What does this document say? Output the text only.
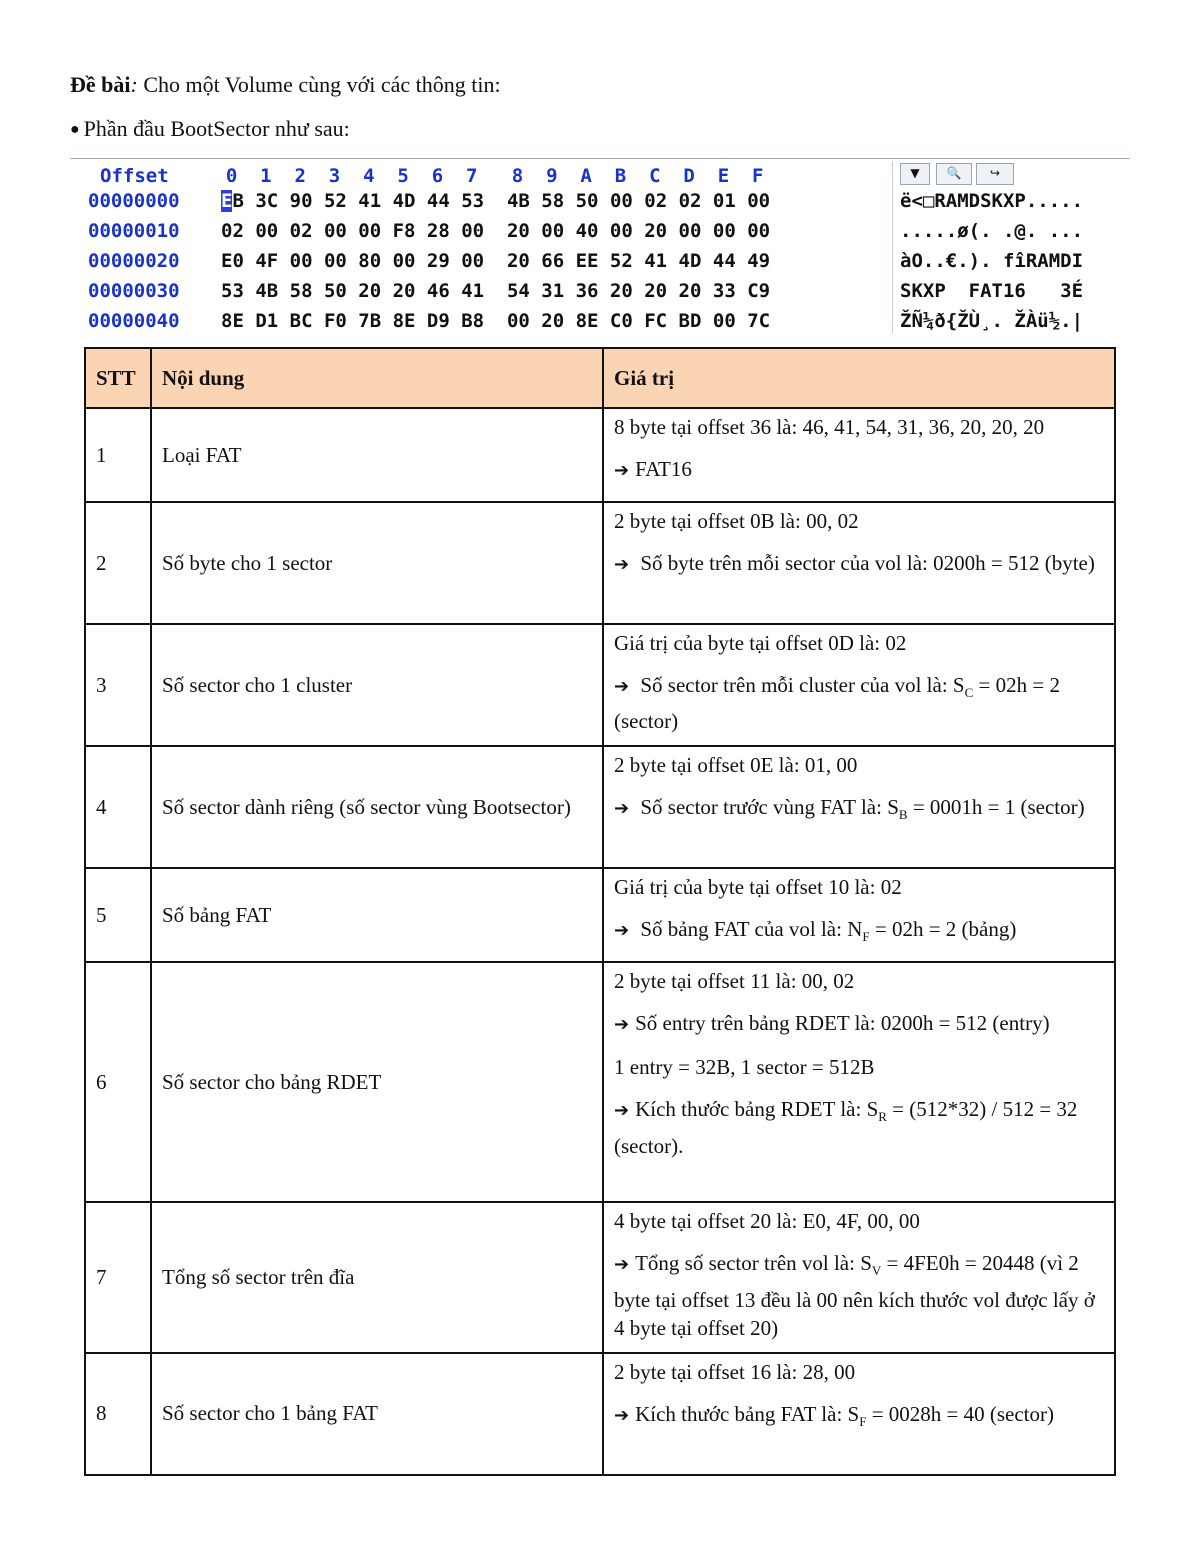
Đề bài: Cho một Volume cùng với các thông tin:
● Phần đầu BootSector như sau:
Offset     0  1  2  3  4  5  6  7   8  9  A  B  C  D  E  F	▼	🔍	↪
00000000 EB 3C 90 52 41 4D 44 53  4B 58 50 00 02 02 01 00	ë<□RAMDSKXP.....
00000010 02 00 02 00 00 F8 28 00  20 00 40 00 20 00 00 00	.....ø(. .@. ...
00000020 E0 4F 00 00 80 00 29 00  20 66 EE 52 41 4D 44 49	àO..€.). fîRAMDI
00000030 53 4B 58 50 20 20 46 41  54 31 36 20 20 20 33 C9	SKXP  FAT16   3É
00000040 8E D1 BC F0 7B 8E D9 B8  00 20 8E C0 FC BD 00 7C	ŽÑ¼ð{ŽÙ¸. ŽÀü½.|
STT	Nội dung	Giá trị
1	Loại FAT	8 byte tại offset 36 là: 46, 41, 54, 31, 36, 20, 20, 20

➔ FAT16

2	Số byte cho 1 sector	2 byte tại offset 0B là: 00, 02

➔ Số byte trên mỗi sector của vol là: 0200h = 512 (byte)

3	Số sector cho 1 cluster	Giá trị của byte tại offset 0D là: 02

➔ Số sector trên mỗi cluster của vol là: $S_C = 02h = 2$ (sector)

4	Số sector dành riêng (số sector vùng Bootsector)	2 byte tại offset 0E là: 01, 00

➔ Số sector trước vùng FAT là: $S_B = 0001h = 1$ (sector)

5	Số bảng FAT	Giá trị của byte tại offset 10 là: 02

➔ Số bảng FAT của vol là: $N_F = 02h = 2$ (bảng)

6	Số sector cho bảng RDET	2 byte tại offset 11 là: 00, 02

➔ Số entry trên bảng RDET là: 0200h = 512 (entry)

1 entry = 32B, 1 sector = 512B

➔ Kích thước bảng RDET là: $S_R = (512*32) / 512 = 32$ (sector).

7	Tổng số sector trên đĩa	4 byte tại offset 20 là: E0, 4F, 00, 00

➔ Tổng số sector trên vol là: $S_V = 4FE0h = 20448$ (vì 2 byte tại offset 13 đều là 00 nên kích thước vol được lấy ở 4 byte tại offset 20)

8	Số sector cho 1 bảng FAT	2 byte tại offset 16 là: 28, 00

➔ Kích thước bảng FAT là: $S_F = 0028h = 40$ (sector)
